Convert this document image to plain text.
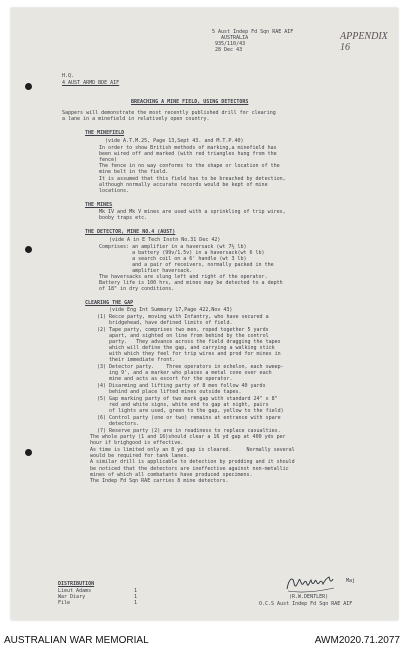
5 Aust Indep Fd Sqn RAE AIF
AUSTRALIA
935/110/43
28 Dec 43
APPENDIX 16
H.Q.
4 AUST ARMD BDE AIF
BREACHING A MINE FIELD, USING DETECTORS
Sappers will demonstrate the most recently published drill for clearing
a lane in a minefield in relatively open country.
THE MINEFIELD
(vide A.T.M.25, Page 13,Sept 43. and M.T.P.40)
In order to show British methods of marking,a minefield has
been wired off and marked (with red triangles hung from the
fence)
The fence in no way conforms to the shape or location of the
mine belt in the field.
It is assumed that this field has to be breached by detection,
although normally accurate records would be kept of mine
locations.
THE MINES
Mk IV and Mk V mines are used with a sprinkling of trip wires,
booby traps etc.
THE DETECTOR, MINE NO.4 (AUST)
(vide A in E Tech Instn No.31 Dec 42)
Comprises: an amplifier in a haversack (wt 7½ lb)
a battery (99v/1.5v) in a haversack(wt 6 lb)
a search coil on a 6' handle (wt 3 lb)
and a pair of receivers, normally packed in the
amplifier haversack.
The haversacks are slung left and right of the operator.
Battery life is 100 hrs, and mines may be detected to a depth
of 18" in dry conditions.
CLEARING THE GAP
(vide Eng Int Summary 17,Page 422,Nov 43)
(1) Recce party, moving with Infantry, who have secured a
bridgehead, have defined limits of field.
(2) Tape party, comprises two men, roped together 5 yards
apart, and sighted on line from behind by the control
party.   They advance across the field dragging the tapes
which will define the gap, and carrying a walking stick
with which they feel for trip wires and prod for mines in
their immediate front.
(3) Detector party.    Three operators in echelon, each sweep-
ing 9', and a marker who places a metal cone over each
mine and acts as escort for the operator.
(4) Disarming and lifting party of 8 men follow 40 yards
behind and place lifted mines outside tapes.
(5) Gap marking party of two mark gap with standard 24" x 8"
red and white signs, white end to gap at night, pairs
of lights are used, green to the gap, yellow to the field)
(6) Control party (one or two) remains at entrance with spare
detectors.
(7) Reserve party (2) are in readiness to replace casualties.
The whole party (1 and 16)should clear a 16 yd gap at 400 yds per
hour if brighgood is effective.
As time is limited only an 8 yd gap is cleared.     Normally several
would be required for tank lanes.
A similar drill is applicable to detection by prodding and it should
be noticed that the detectors are ineffective against non-metallic
mines of which all combatants have produced specimens.
The Indep Fd Sqn RAE carries 8 mine detectors.
DISTRIBUTION
Lieut Adams	1
War Diary	1
File	1
Maj
(R.W.DENTLER)
O.C.S Aust Indep Fd Sqn RAE AIF
AUSTRALIAN WAR MEMORIAL	AWM2020.71.2077
